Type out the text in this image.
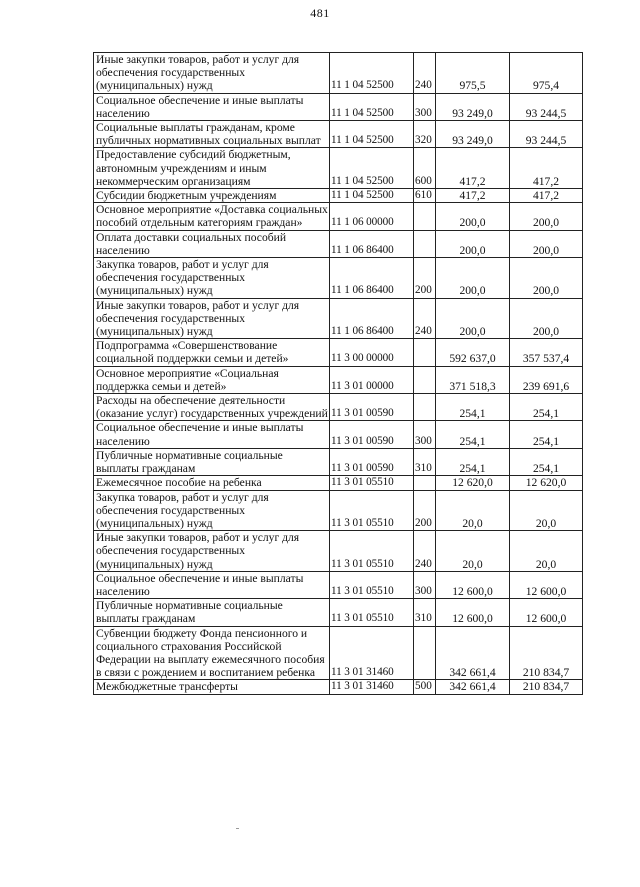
481
Иные закупки товаров, работ и услуг для обеспечения государственных (муниципальных) нужд	11 1 04 52500	240	975,5	975,4
Социальное обеспечение и иные выплаты населению	11 1 04 52500	300	93 249,0	93 244,5
Социальные выплаты гражданам, кроме публичных нормативных социальных выплат	11 1 04 52500	320	93 249,0	93 244,5
Предоставление субсидий бюджетным, автономным учреждениям и иным некоммерческим организациям	11 1 04 52500	600	417,2	417,2
Субсидии бюджетным учреждениям	11 1 04 52500	610	417,2	417,2
Основное мероприятие «Доставка социальных пособий отдельным категориям граждан»	11 1 06 00000		200,0	200,0
Оплата доставки социальных пособий населению	11 1 06 86400		200,0	200,0
Закупка товаров, работ и услуг для обеспечения государственных (муниципальных) нужд	11 1 06 86400	200	200,0	200,0
Иные закупки товаров, работ и услуг для обеспечения государственных (муниципальных) нужд	11 1 06 86400	240	200,0	200,0
Подпрограмма «Совершенствование социальной поддержки семьи и детей»	11 3 00 00000		592 637,0	357 537,4
Основное мероприятие «Социальная поддержка семьи и детей»	11 3 01 00000		371 518,3	239 691,6
Расходы на обеспечение деятельности (оказание услуг) государственных учреждений	11 3 01 00590		254,1	254,1
Социальное обеспечение и иные выплаты населению	11 3 01 00590	300	254,1	254,1
Публичные нормативные социальные выплаты гражданам	11 3 01 00590	310	254,1	254,1
Ежемесячное пособие на ребенка	11 3 01 05510		12 620,0	12 620,0
Закупка товаров, работ и услуг для обеспечения государственных (муниципальных) нужд	11 3 01 05510	200	20,0	20,0
Иные закупки товаров, работ и услуг для обеспечения государственных (муниципальных) нужд	11 3 01 05510	240	20,0	20,0
Социальное обеспечение и иные выплаты населению	11 3 01 05510	300	12 600,0	12 600,0
Публичные нормативные социальные выплаты гражданам	11 3 01 05510	310	12 600,0	12 600,0
Субвенции бюджету Фонда пенсионного и социального страхования Российской Федерации на выплату ежемесячного пособия в связи с рождением и воспитанием ребенка	11 3 01 31460		342 661,4	210 834,7
Межбюджетные трансферты	11 3 01 31460	500	342 661,4	210 834,7
